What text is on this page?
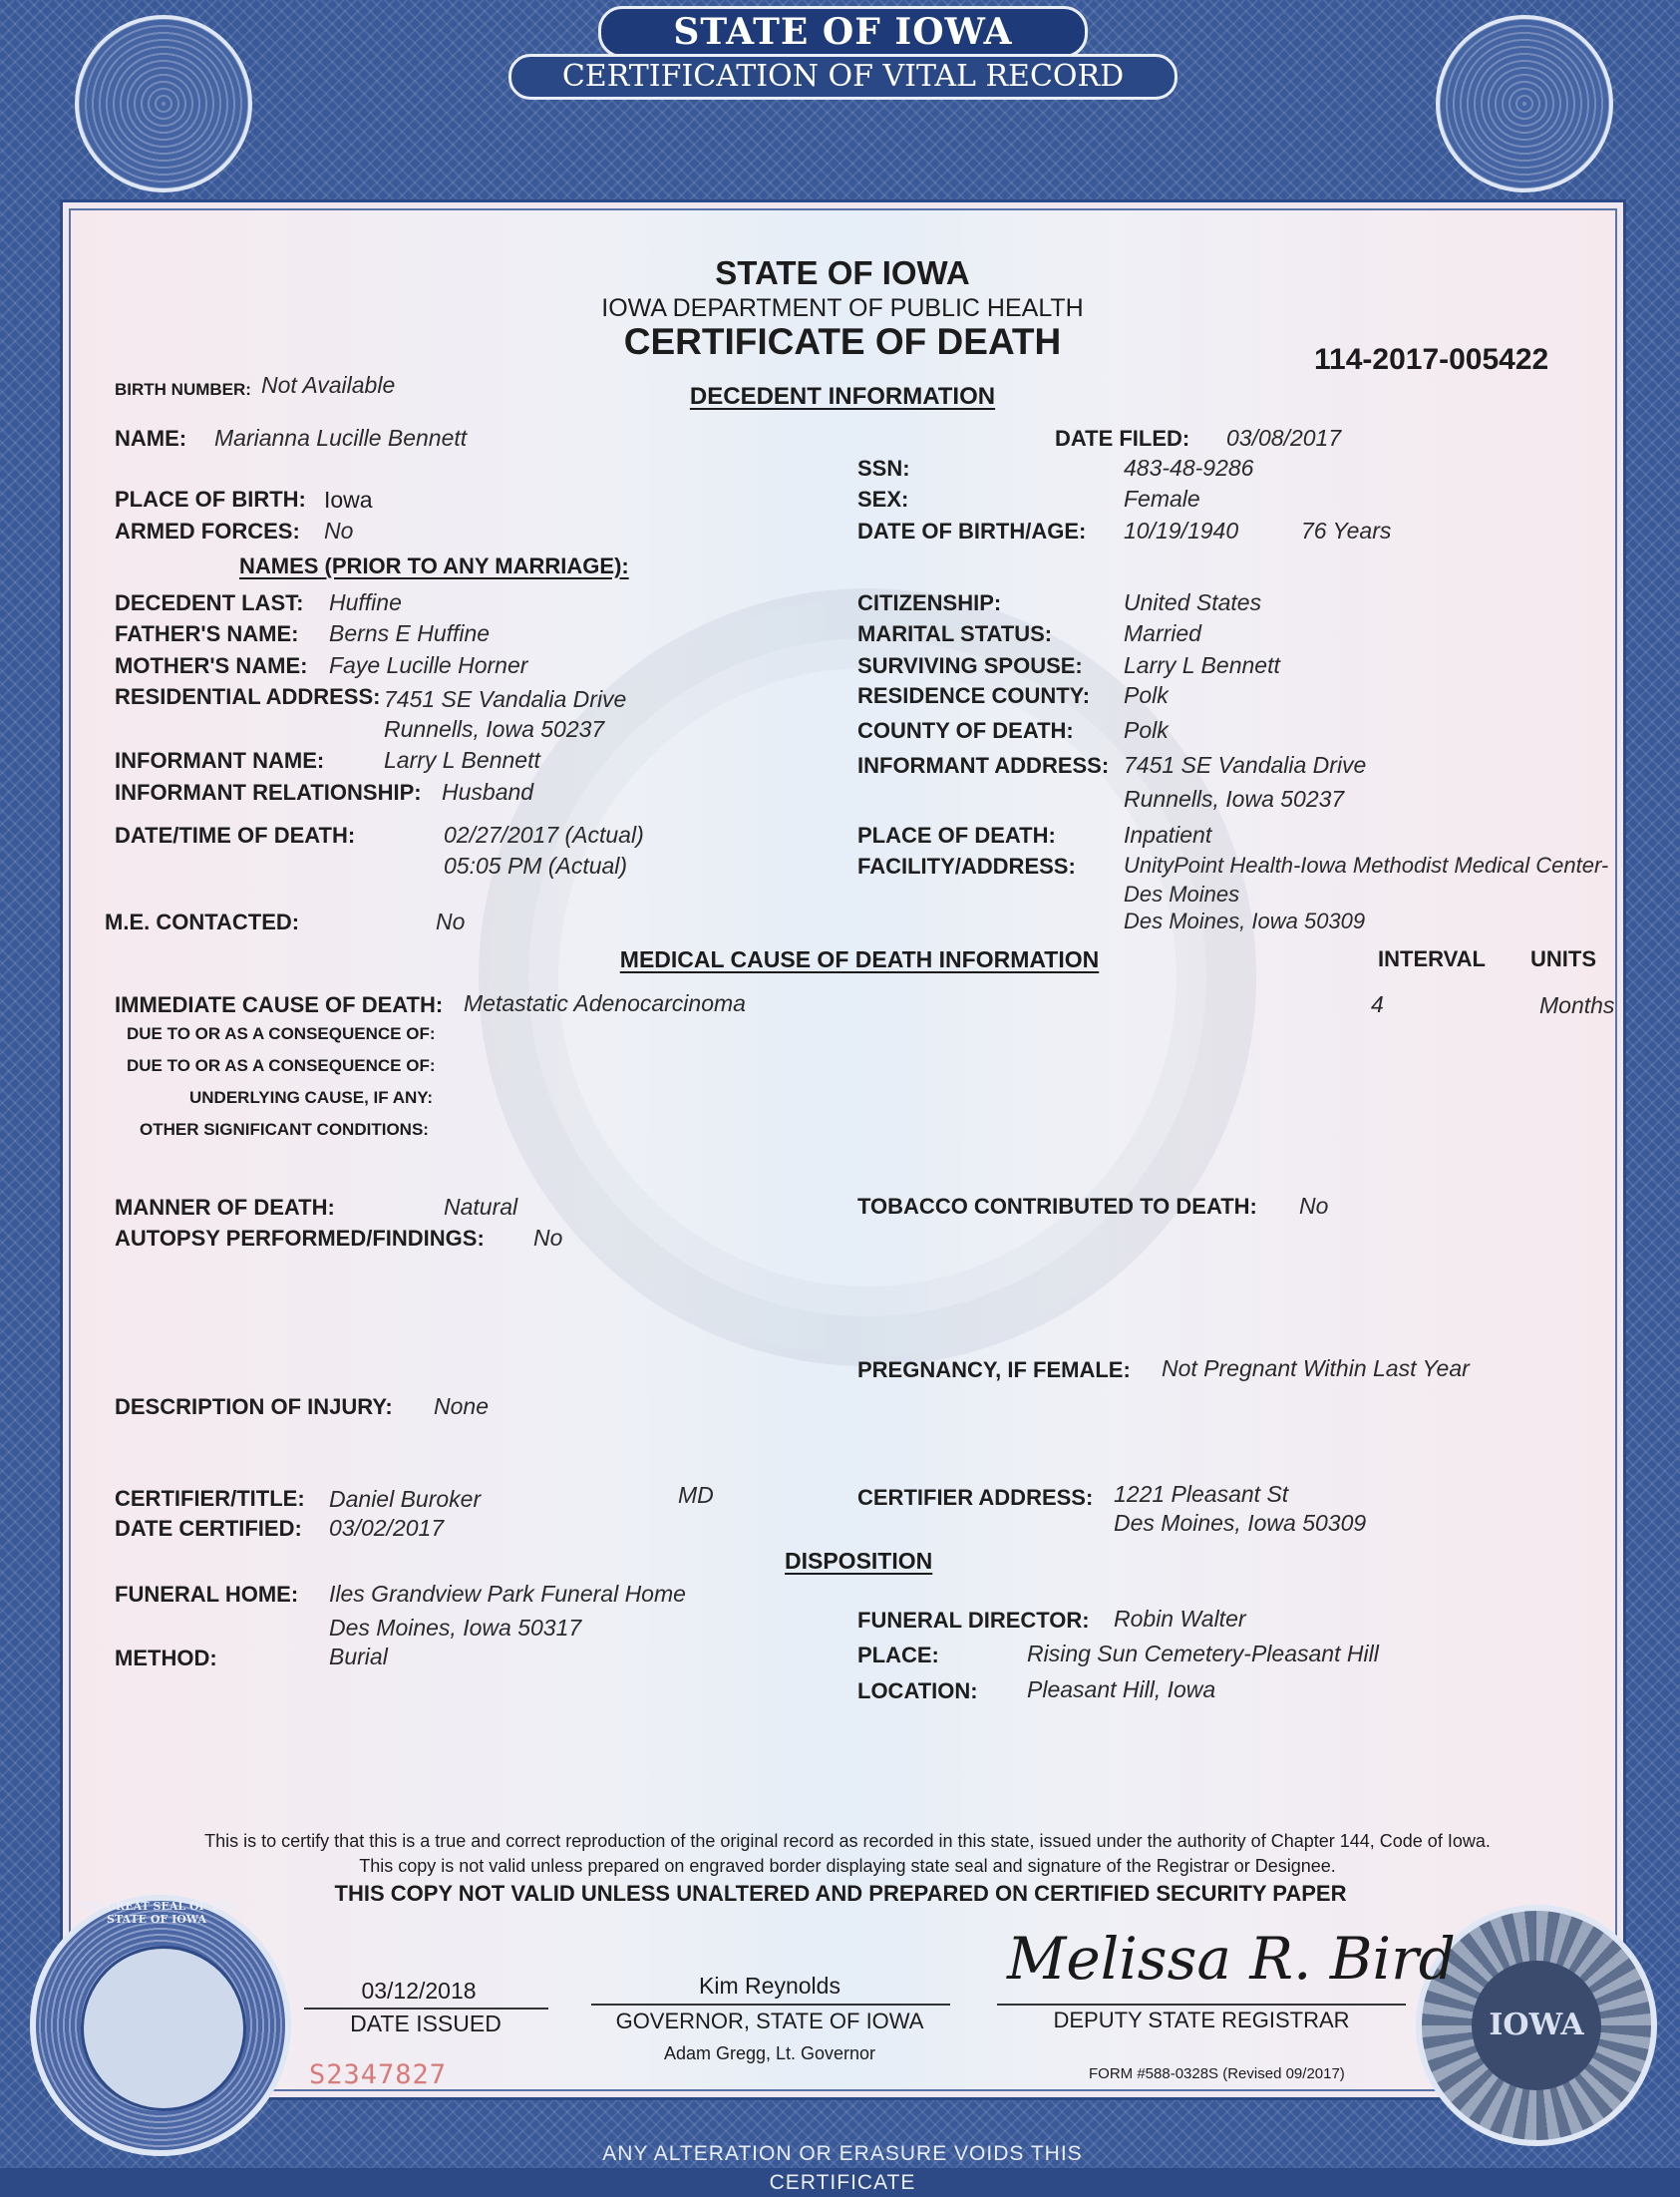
STATE OF IOWA
CERTIFICATION OF VITAL RECORD
ANY ALTERATION OR ERASURE VOIDS THIS CERTIFICATE
STATE OF IOWA
IOWA DEPARTMENT OF PUBLIC HEALTH
CERTIFICATE OF DEATH	114-2017-005422
BIRTH NUMBER: Not Available	DECEDENT INFORMATION
NAME: Marianna Lucille Bennett
PLACE OF BIRTH: Iowa
ARMED FORCES: No
NAMES (PRIOR TO ANY MARRIAGE):
DECEDENT LAST: Huffine
FATHER'S NAME: Berns E Huffine
MOTHER'S NAME: Faye Lucille Horner
RESIDENTIAL ADDRESS: 7451 SE Vandalia Drive
Runnells, Iowa 50237
INFORMANT NAME:	Larry L Bennett
INFORMANT RELATIONSHIP: Husband
DATE/TIME OF DEATH:	02/27/2017 (Actual)
05:05 PM (Actual)
M.E. CONTACTED:	No
DATE FILED: 03/08/2017
SSN:	483-48-9286
SEX:	Female
DATE OF BIRTH/AGE: 10/19/1940	76 Years
CITIZENSHIP:	United States
MARITAL STATUS:	Married
SURVIVING SPOUSE: Larry L Bennett
RESIDENCE COUNTY: Polk
COUNTY OF DEATH: Polk
INFORMANT ADDRESS: 7451 SE Vandalia Drive
Runnells, Iowa 50237
PLACE OF DEATH:	Inpatient
FACILITY/ADDRESS: UnityPoint Health-Iowa Methodist Medical Center-
Des Moines
Des Moines, Iowa 50309
MEDICAL CAUSE OF DEATH INFORMATION	INTERVAL UNITS
IMMEDIATE CAUSE OF DEATH: Metastatic Adenocarcinoma	4	Months
DUE TO OR AS A CONSEQUENCE OF:
DUE TO OR AS A CONSEQUENCE OF:
UNDERLYING CAUSE, IF ANY:
OTHER SIGNIFICANT CONDITIONS:
MANNER OF DEATH:	Natural	TOBACCO CONTRIBUTED TO DEATH: No
AUTOPSY PERFORMED/FINDINGS: No
PREGNANCY, IF FEMALE: Not Pregnant Within Last Year
DESCRIPTION OF INJURY: None
CERTIFIER/TITLE: Daniel Buroker	MD
DATE CERTIFIED: 03/02/2017
CERTIFIER ADDRESS: 1221 Pleasant St
Des Moines, Iowa 50309
DISPOSITION
FUNERAL HOME: Iles Grandview Park Funeral Home
Des Moines, Iowa 50317	FUNERAL DIRECTOR: Robin Walter
METHOD:	Burial	PLACE:	Rising Sun Cemetery-Pleasant Hill
LOCATION: Pleasant Hill, Iowa
This is to certify that this is a true and correct reproduction of the original record as recorded in this state, issued under the authority of Chapter 144, Code of Iowa.
This copy is not valid unless prepared on engraved border displaying state seal and signature of the Registrar or Designee.
THIS COPY NOT VALID UNLESS UNALTERED AND PREPARED ON CERTIFIED SECURITY PAPER
THE GREAT SEAL OF THE STATE OF IOWA
IOWA
03/12/2018
DATE ISSUED
Kim Reynolds
GOVERNOR, STATE OF IOWA
Adam Gregg, Lt. Governor
Melissa R. Bird
DEPUTY STATE REGISTRAR
FORM #588-0328S (Revised 09/2017)
S2347827
